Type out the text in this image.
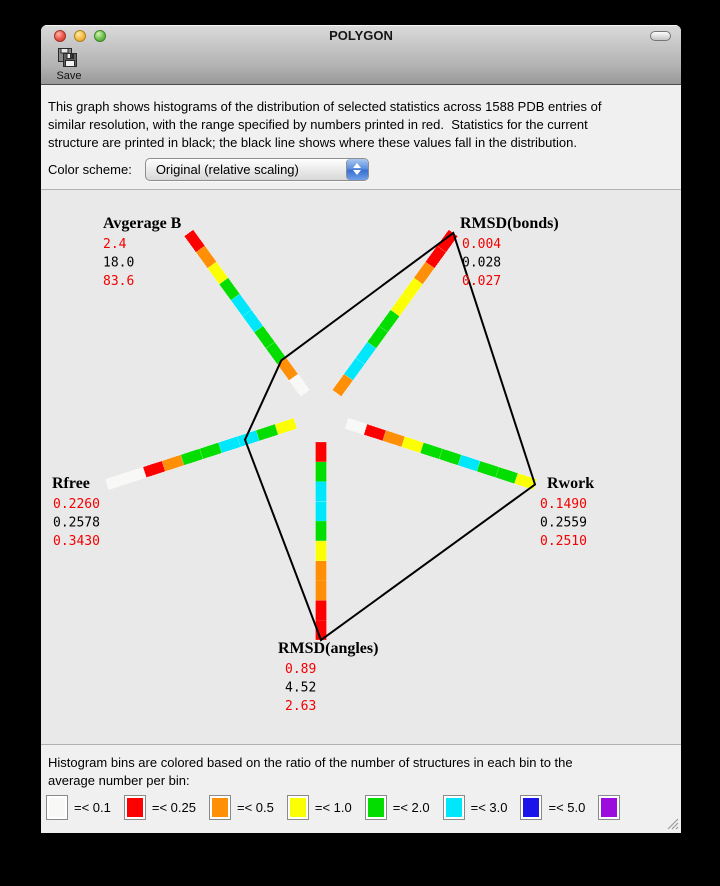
POLYGON
Save
This graph shows histograms of the distribution of selected statistics across 1588 PDB entries of
similar resolution, with the range specified by numbers printed in red.  Statistics for the current
structure are printed in black; the black line shows where these values fall in the distribution.
Color scheme:	Original (relative scaling)
Avgerage B
2.4
18.0
83.6
RMSD(bonds)
0.004
0.028
0.027
Rwork
0.1490
0.2559
0.2510
RMSD(angles)
0.89
4.52
2.63
Rfree
0.2260
0.2578
0.3430
Histogram bins are colored based on the ratio of the number of structures in each bin to the
average number per bin:
=< 0.1	=< 0.25	=< 0.5	=< 1.0	=< 2.0	=< 3.0	=< 5.0
